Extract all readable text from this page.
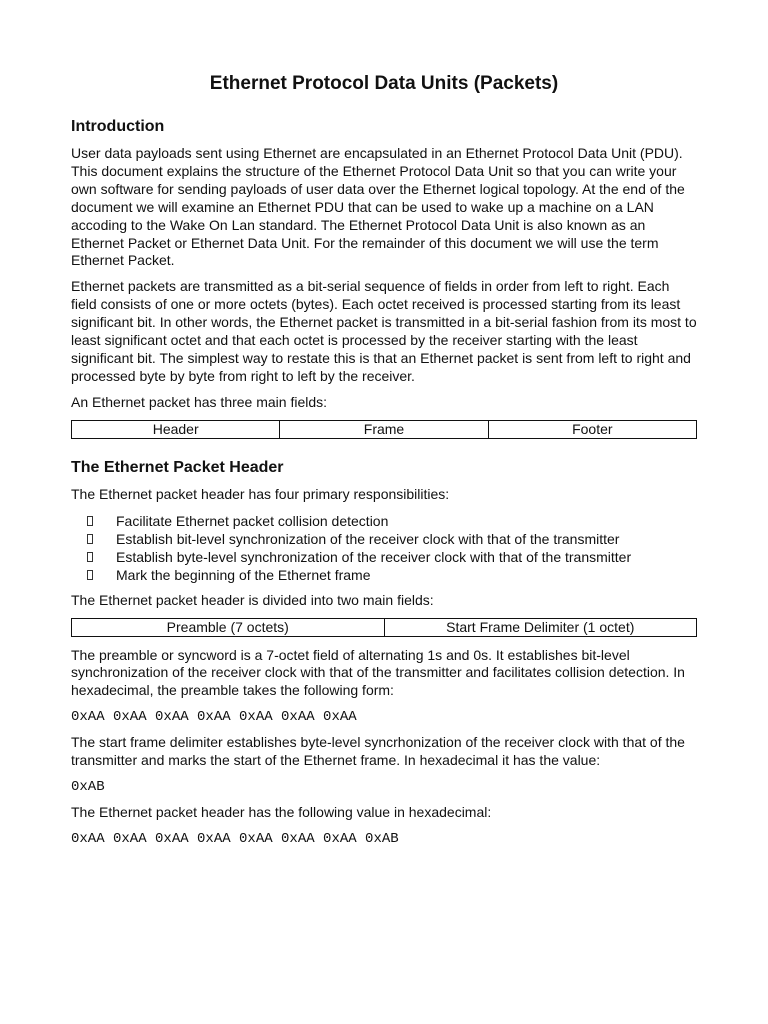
Ethernet Protocol Data Units (Packets)
Introduction

User data payloads sent using Ethernet are encapsulated in an Ethernet Protocol Data Unit (PDU). This document explains the structure of the Ethernet Protocol Data Unit so that you can write your own software for sending payloads of user data over the Ethernet logical topology. At the end of the document we will examine an Ethernet PDU that can be used to wake up a machine on a LAN accoding to the Wake On Lan standard. The Ethernet Protocol Data Unit is also known as an Ethernet Packet or Ethernet Data Unit. For the remainder of this document we will use the term Ethernet Packet.

Ethernet packets are transmitted as a bit-serial sequence of fields in order from left to right. Each field consists of one or more octets (bytes). Each octet received is processed starting from its least significant bit. In other words, the Ethernet packet is transmitted in a bit-serial fashion from its most to least significant octet and that each octet is processed by the receiver starting with the least significant bit. The simplest way to restate this is that an Ethernet packet is sent from left to right and processed byte by byte from right to left by the receiver.

An Ethernet packet has three main fields:

Header	Frame	Footer
The Ethernet Packet Header

The Ethernet packet header has four primary responsibilities:

Facilitate Ethernet packet collision detection
Establish bit-level synchronization of the receiver clock with that of the transmitter
Establish byte-level synchronization of the receiver clock with that of the transmitter
Mark the beginning of the Ethernet frame

The Ethernet packet header is divided into two main fields:

Preamble (7 octets)	Start Frame Delimiter (1 octet)

The preamble or syncword is a 7-octet field of alternating 1s and 0s. It establishes bit-level synchronization of the receiver clock with that of the transmitter and facilitates collision detection. In hexadecimal, the preamble takes the following form:

0xAA 0xAA 0xAA 0xAA 0xAA 0xAA 0xAA

The start frame delimiter establishes byte-level syncrhonization of the receiver clock with that of the transmitter and marks the start of the Ethernet frame. In hexadecimal it has the value:

0xAB

The Ethernet packet header has the following value in hexadecimal:

0xAA 0xAA 0xAA 0xAA 0xAA 0xAA 0xAA 0xAB
